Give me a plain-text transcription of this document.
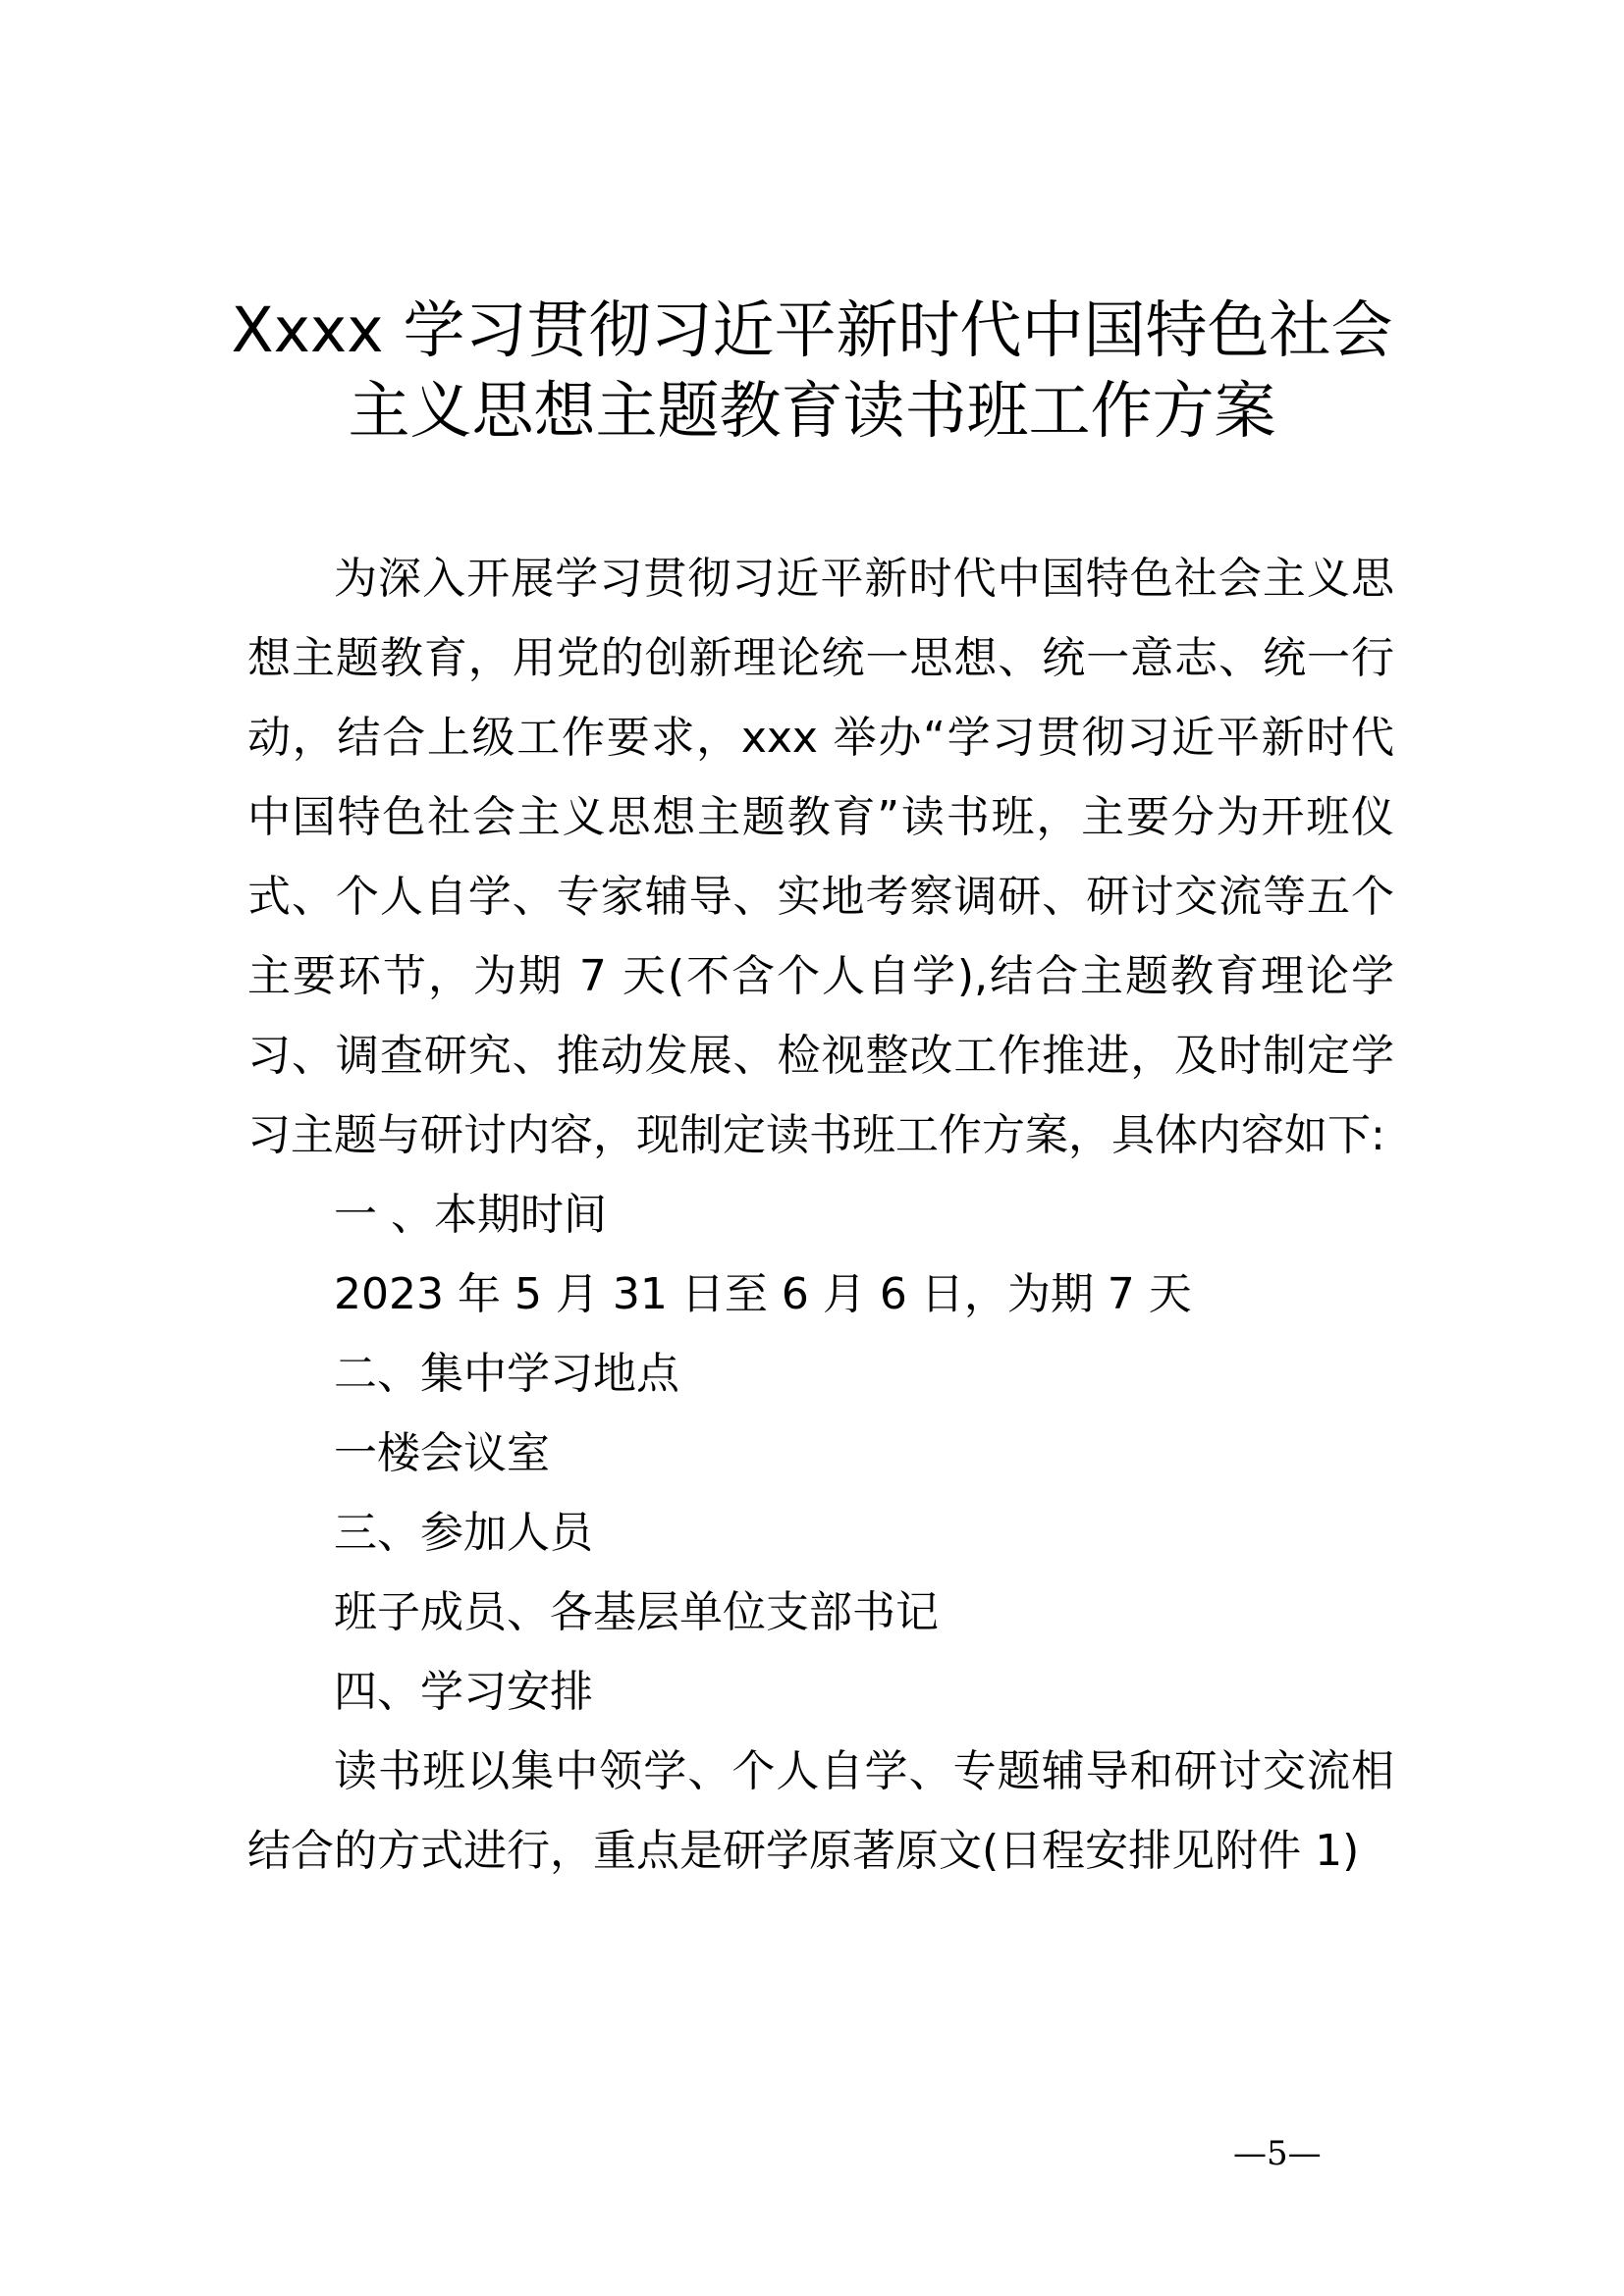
Xxxx 学习贯彻习近平新时代中国特色社会
主义思想主题教育读书班工作方案

为深入开展学习贯彻习近平新时代中国特色社会主义思想主题教育，用党的创新理论统一思想、统一意志、统一行动，结合上级工作要求，xxx 举办“学习贯彻习近平新时代中国特色社会主义思想主题教育”读书班，主要分为开班仪式、个人自学、专家辅导、实地考察调研、研讨交流等五个主要环节，为期 7 天(不含个人自学),结合主题教育理论学习、调查研究、推动发展、检视整改工作推进，及时制定学习主题与研讨内容，现制定读书班工作方案，具体内容如下:

一 、本期时间

2023 年 5 月 31 日至 6 月 6 日，为期 7 天

二、集中学习地点

一楼会议室

三、参加人员

班子成员、各基层单位支部书记

四、学习安排

读书班以集中领学、个人自学、专题辅导和研讨交流相结合的方式进行，重点是研学原著原文(日程安排见附件 1)

—5—
